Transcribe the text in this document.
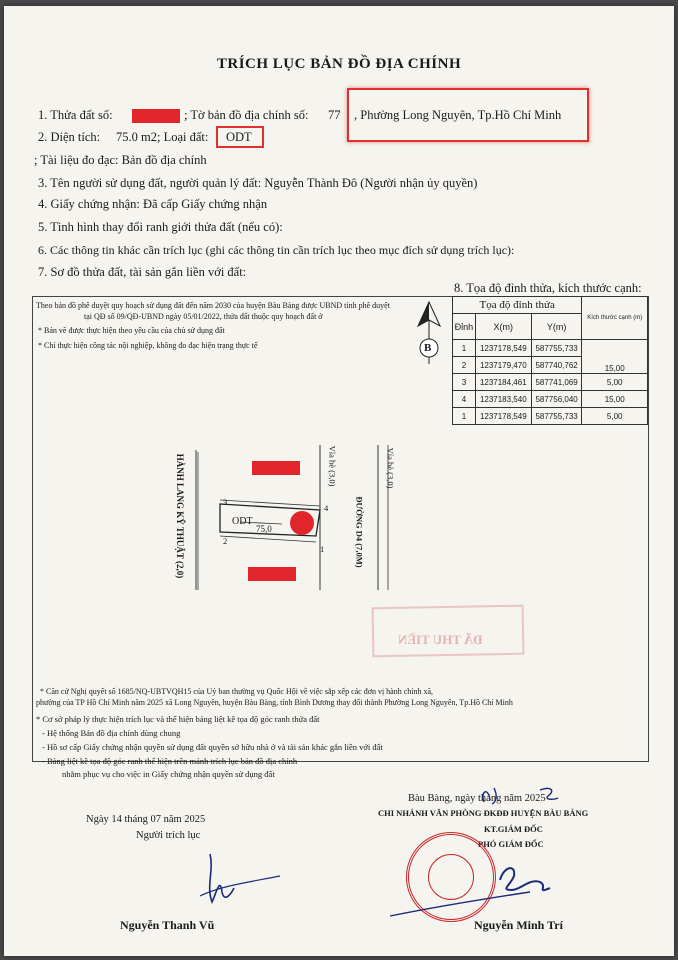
TRÍCH LỤC BẢN ĐỒ ĐỊA CHÍNH
1. Thửa đất số:	; Tờ bản đồ địa chính số: 77 , Phường Long Nguyên, Tp.Hồ Chí Minh
2. Diện tích: 75.0 m2; Loại đất: ODT
; Tài liệu đo đạc: Bản đồ địa chính
3. Tên người sử dụng đất, người quản lý đất: Nguyễn Thành Đô (Người nhận ủy quyền)
4. Giấy chứng nhận: Đã cấp Giấy chứng nhận
5. Tình hình thay đổi ranh giới thửa đất (nếu có):
6. Các thông tin khác cần trích lục (ghi các thông tin cần trích lục theo mục đích sử dụng trích lục):
7. Sơ đồ thửa đất, tài sản gắn liền với đất:
8. Tọa độ đỉnh thửa, kích thước cạnh:
Theo bản đồ phê duyệt quy hoạch sử dụng đất đến năm 2030 của huyện Bàu Bàng được UBND tỉnh phê duyệt
tại QĐ số 09/QĐ-UBND ngày 05/01/2022, thửa đất thuộc quy hoạch đất ở
* Bản vẽ được thực hiện theo yêu cầu của chủ sử dụng đất
* Chỉ thực hiện công tác nội nghiệp, không đo đạc hiện trạng thực tế	B
Tọa độ đỉnh thửa			Kích thước cạnh (m)
Đỉnh	X(m)	Y(m)	
1	1237178,549	587755,733	15,00
2	1237179,470	587740,762	
3	1237184,461	587741,069	5,00
4	1237183,540	587756,040	15,00
1	1237178,549	587755,733	5,00
ODT
75,0
3
2
4
1
HÀNH LANG KỸ THUẬT (2,0)	Vỉa hè (3,0)
ĐƯỜNG D4 (7,0M)
Vỉa hè (3,0)
ĐÃ THU TIỀN
* Căn cứ Nghị quyết số 1685/NQ-UBTVQH15 của Uỷ ban thường vụ Quốc Hội về việc sắp xếp các đơn vị hành chính xã,
phường của TP Hồ Chí Minh năm 2025 xã Long Nguyên, huyện Bàu Bàng, tỉnh Bình Dương thay đổi thành Phường Long Nguyên, Tp.Hồ Chí Minh
* Cơ sở pháp lý thực hiện trích lục và thể hiện bảng liệt kê tọa độ góc ranh thửa đất
- Hệ thống Bản đồ địa chính dùng chung
- Hồ sơ cấp Giấy chứng nhận quyền sử dụng đất quyền sở hữu nhà ở và tài sản khác gắn liền với đất
- Bảng liệt kê tọa độ góc ranh thể hiện trên mảnh trích lục bản đồ địa chính
nhằm phục vụ cho việc in Giấy chứng nhận quyền sử dụng đất
Ngày 14 tháng 07 năm 2025
Người trích lục
Nguyễn Thanh Vũ
Bàu Bàng, ngày tháng năm 2025
CHI NHÁNH VĂN PHÒNG ĐKĐĐ HUYỆN BÀU BÀNG
KT.GIÁM ĐỐC
PHÓ GIÁM ĐỐC
Nguyễn Minh Trí
